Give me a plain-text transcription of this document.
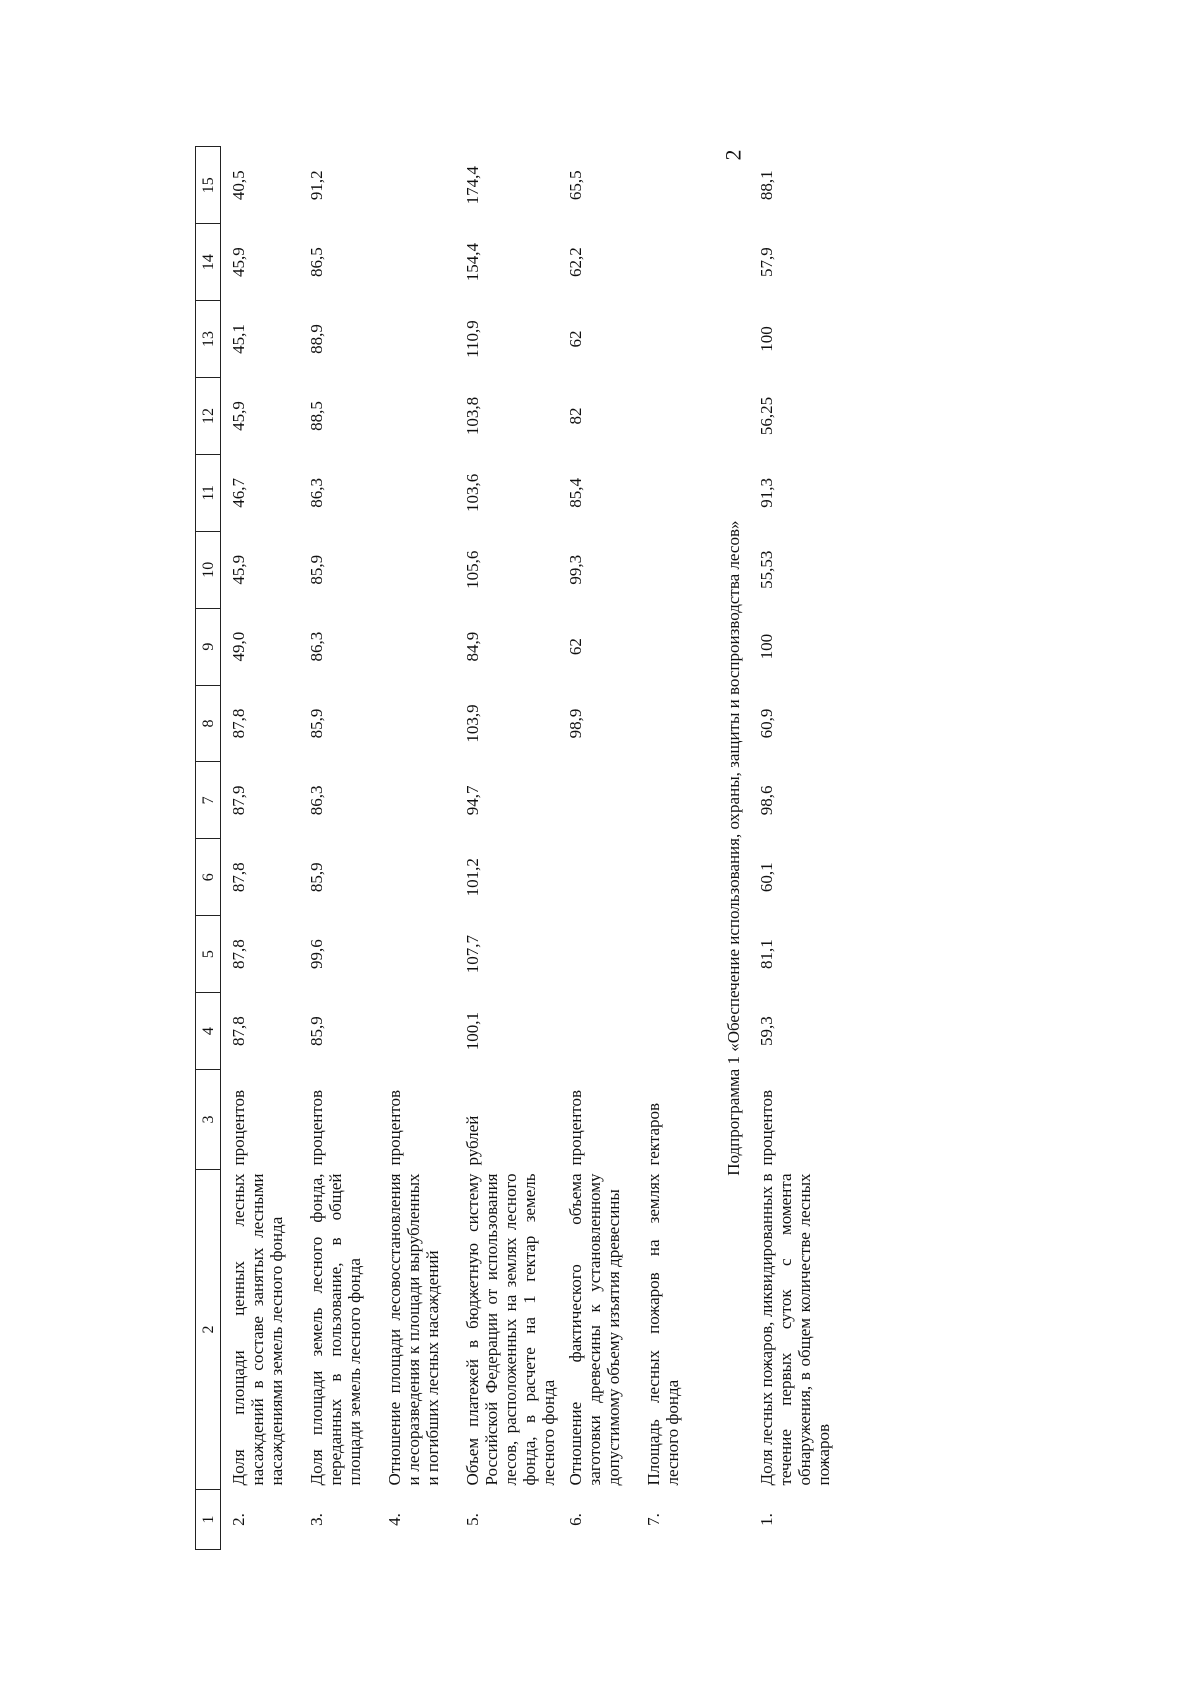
2
1	2	3	4	5	6	7	8	9	10	11	12	13	14	15
2.	Доля площади ценных лесных насаждений в составе занятых лесными насаждениями земель лесного фонда	процентов	87,8	87,8	87,8	87,9	87,8	49,0	45,9	46,7	45,9	45,1	45,9	40,5
3.	Доля площади земель лесного фонда, переданных в пользование, в общей площади земель лесного фонда	процентов	85,9	99,6	85,9	86,3	85,9	86,3	85,9	86,3	88,5	88,9	86,5	91,2
4.	Отношение площади лесовосстановления и лесоразведения к площади вырубленных и погибших лесных насаждений	процентов												
5.	Объем платежей в бюджетную систему Российской Федерации от использования лесов, расположенных на землях лесного фонда, в расчете на 1 гектар земель лесного фонда	рублей	100,1	107,7	101,2	94,7	103,9	84,9	105,6	103,6	103,8	110,9	154,4	174,4
6.	Отношение фактического объема заготовки древесины к установленному допустимому объему изъятия древесины	процентов					98,9	62	99,3	85,4	82	62	62,2	65,5
7.	Площадь лесных пожаров на землях лесного фонда	гектаров												
Подпрограмма 1 «Обеспечение использования, охраны, защиты и воспроизводства лесов»														
1.	Доля лесных пожаров, ликвидированных в течение первых суток с момента обнаружения, в общем количестве лесных пожаров	процентов	59,3	81,1	60,1	98,6	60,9	100	55,53	91,3	56,25	100	57,9	88,1
